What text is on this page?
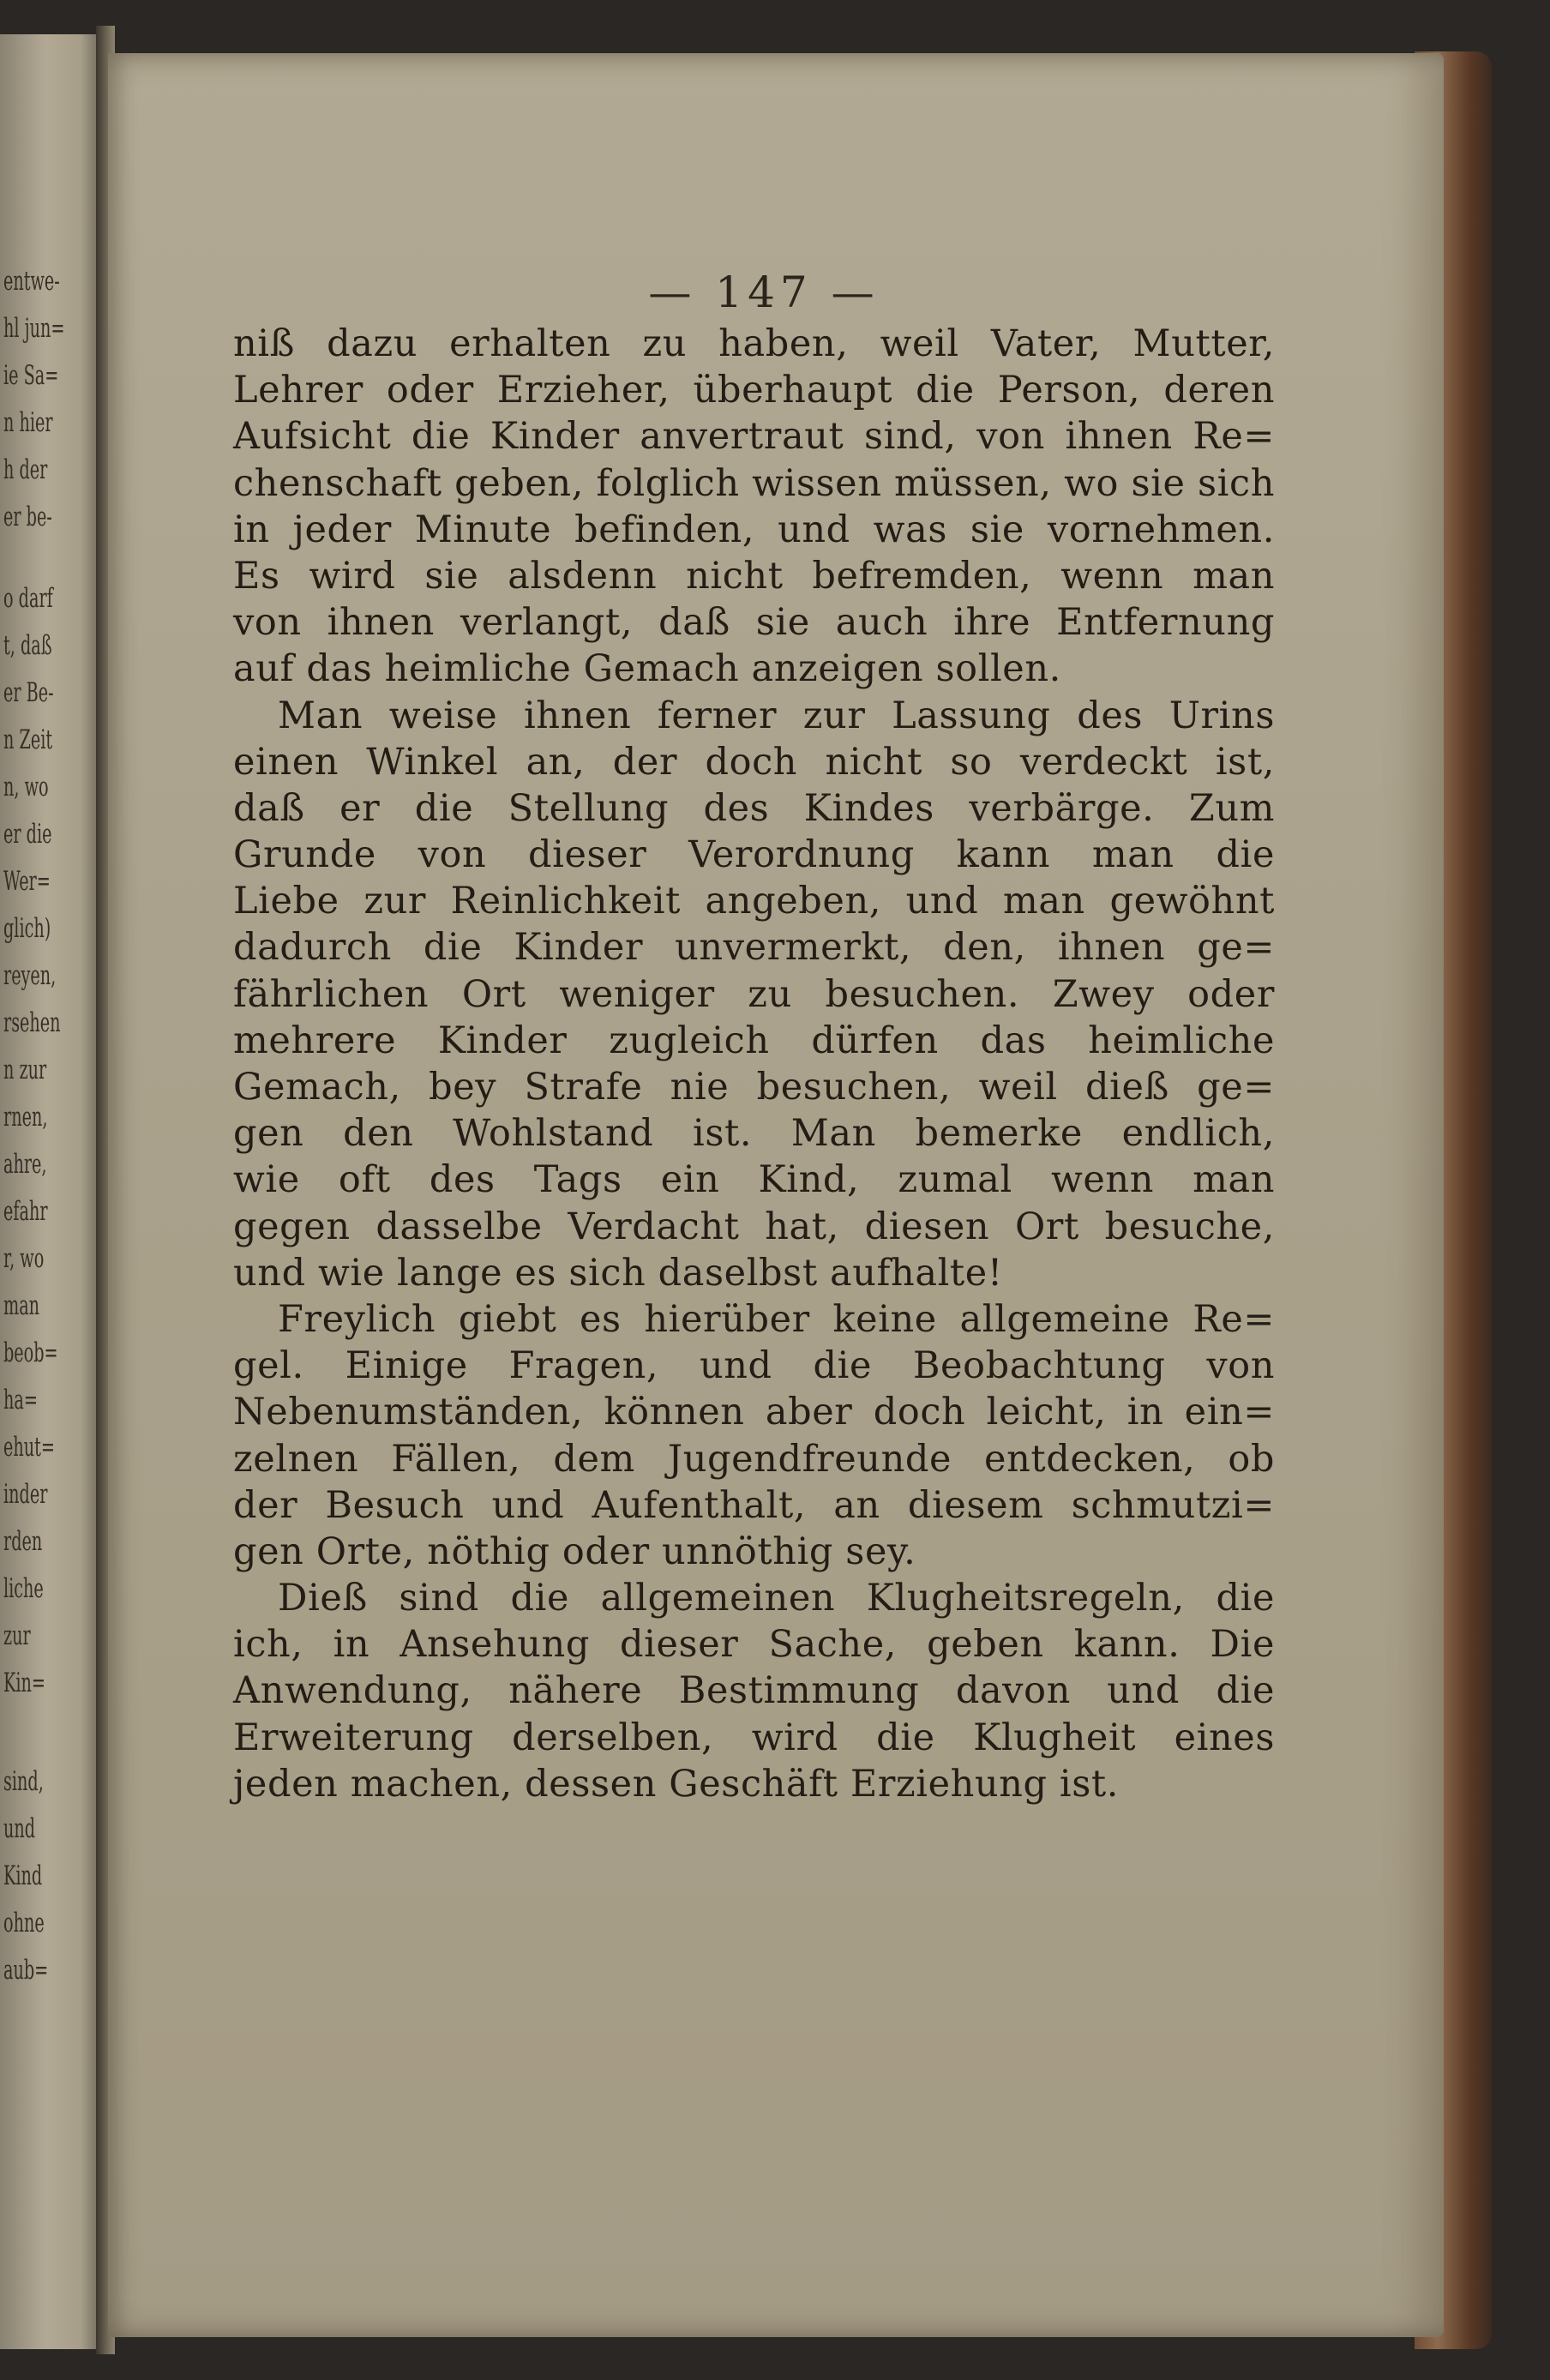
entwe-
hl jun=
ie Sa=
n hier
h der
er be-
o darf
t, daß
er Be-
n Zeit
n, wo
er die
Wer=
glich)
reyen,
rsehen
n zur
rnen,
ahre,
efahr
r, wo
man
beob=
ha=
ehut=
inder
rden
liche
zur
Kin=
sind,
und
Kind
ohne
aub=
— 147 —
niß dazu erhalten zu haben, weil Vater, Mutter,
Lehrer oder Erzieher, überhaupt die Person, deren
Aufsicht die Kinder anvertraut sind, von ihnen Re=
chenschaft geben, folglich wissen müssen, wo sie sich
in jeder Minute befinden, und was sie vornehmen.
Es wird sie alsdenn nicht befremden, wenn man
von ihnen verlangt, daß sie auch ihre Entfernung
auf das heimliche Gemach anzeigen sollen.
Man weise ihnen ferner zur Lassung des Urins
einen Winkel an, der doch nicht so verdeckt ist,
daß er die Stellung des Kindes verbärge. Zum
Grunde von dieser Verordnung kann man die
Liebe zur Reinlichkeit angeben, und man gewöhnt
dadurch die Kinder unvermerkt, den, ihnen ge=
fährlichen Ort weniger zu besuchen. Zwey oder
mehrere Kinder zugleich dürfen das heimliche
Gemach, bey Strafe nie besuchen, weil dieß ge=
gen den Wohlstand ist. Man bemerke endlich,
wie oft des Tags ein Kind, zumal wenn man
gegen dasselbe Verdacht hat, diesen Ort besuche,
und wie lange es sich daselbst aufhalte!
Freylich giebt es hierüber keine allgemeine Re=
gel. Einige Fragen, und die Beobachtung von
Nebenumständen, können aber doch leicht, in ein=
zelnen Fällen, dem Jugendfreunde entdecken, ob
der Besuch und Aufenthalt, an diesem schmutzi=
gen Orte, nöthig oder unnöthig sey.
Dieß sind die allgemeinen Klugheitsregeln, die
ich, in Ansehung dieser Sache, geben kann. Die
Anwendung, nähere Bestimmung davon und die
Erweiterung derselben, wird die Klugheit eines
jeden machen, dessen Geschäft Erziehung ist.
